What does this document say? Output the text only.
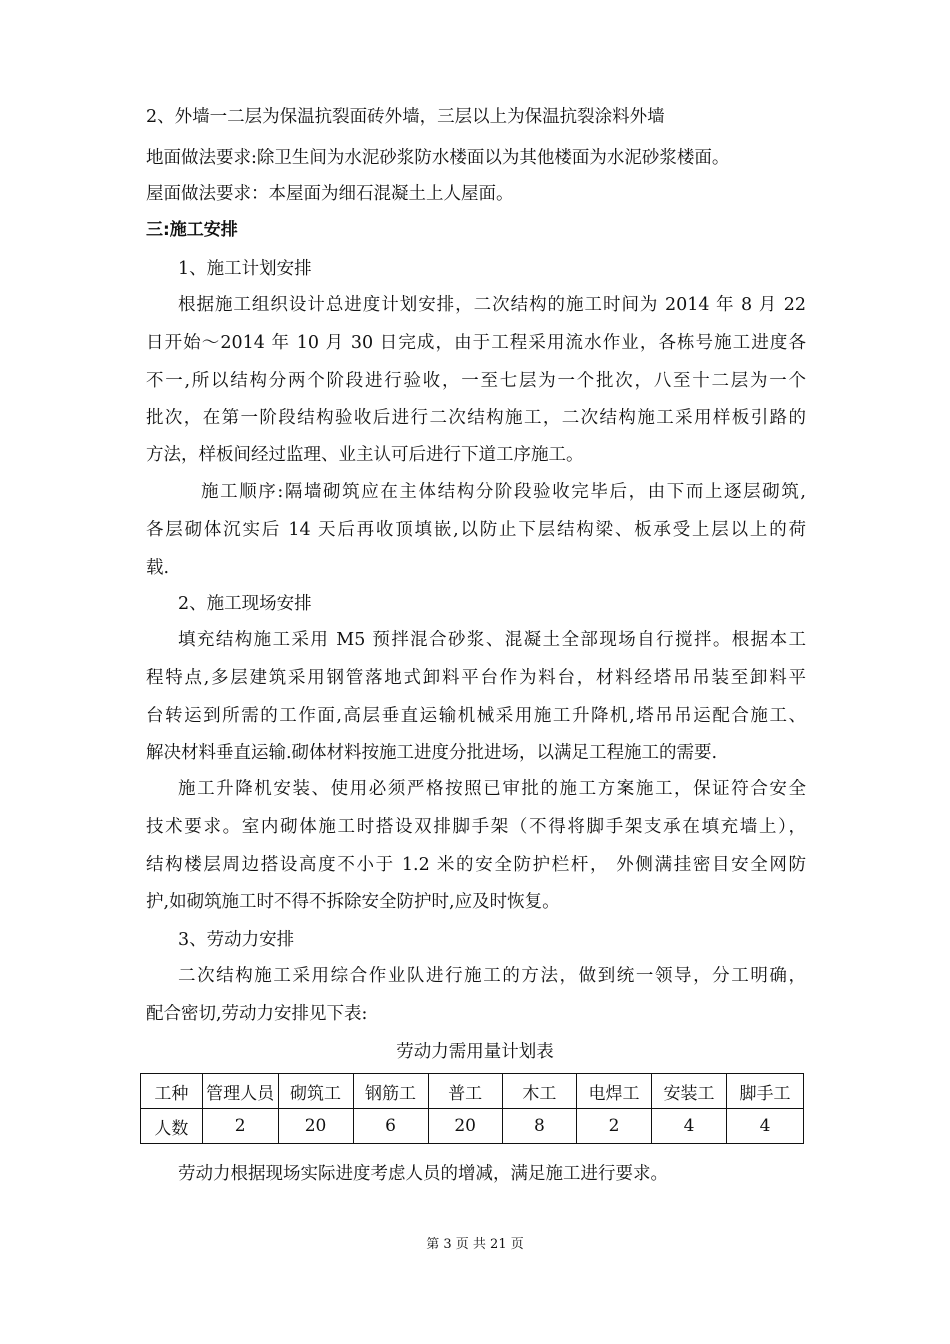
2、外墙一二层为保温抗裂面砖外墙，三层以上为保温抗裂涂料外墙
地面做法要求:除卫生间为水泥砂浆防水楼面以为其他楼面为水泥砂浆楼面。
屋面做法要求：本屋面为细石混凝土上人屋面。
三:施工安排
1、施工计划安排
根据施工组织设计总进度计划安排，二次结构的施工时间为 2014 年 8 月 22
日开始～2014 年 10 月 30 日完成，由于工程采用流水作业，各栋号施工进度各
不一,所以结构分两个阶段进行验收，一至七层为一个批次，八至十二层为一个
批次，在第一阶段结构验收后进行二次结构施工，二次结构施工采用样板引路的
方法，样板间经过监理、业主认可后进行下道工序施工。
施工顺序:隔墙砌筑应在主体结构分阶段验收完毕后，由下而上逐层砌筑,
各层砌体沉实后 14 天后再收顶填嵌,以防止下层结构梁、板承受上层以上的荷
载.
2、施工现场安排
填充结构施工采用 M5 预拌混合砂浆、混凝土全部现场自行搅拌。根据本工
程特点,多层建筑采用钢管落地式卸料平台作为料台，材料经塔吊吊装至卸料平
台转运到所需的工作面,高层垂直运输机械采用施工升降机,塔吊吊运配合施工、
解决材料垂直运输.砌体材料按施工进度分批进场，以满足工程施工的需要.
施工升降机安装、使用必须严格按照已审批的施工方案施工，保证符合安全
技术要求。室内砌体施工时搭设双排脚手架（不得将脚手架支承在填充墙上），
结构楼层周边搭设高度不小于 1.2 米的安全防护栏杆， 外侧满挂密目安全网防
护,如砌筑施工时不得不拆除安全防护时,应及时恢复。
3、劳动力安排
二次结构施工采用综合作业队进行施工的方法，做到统一领导，分工明确，
配合密切,劳动力安排见下表:
劳动力需用量计划表
工种	管理人员	砌筑工	钢筋工	普工	木工	电焊工	安装工	脚手工
人数	2	20	6	20	8	2	4	4
劳动力根据现场实际进度考虑人员的增减，满足施工进行要求。
第 3 页 共 21 页
